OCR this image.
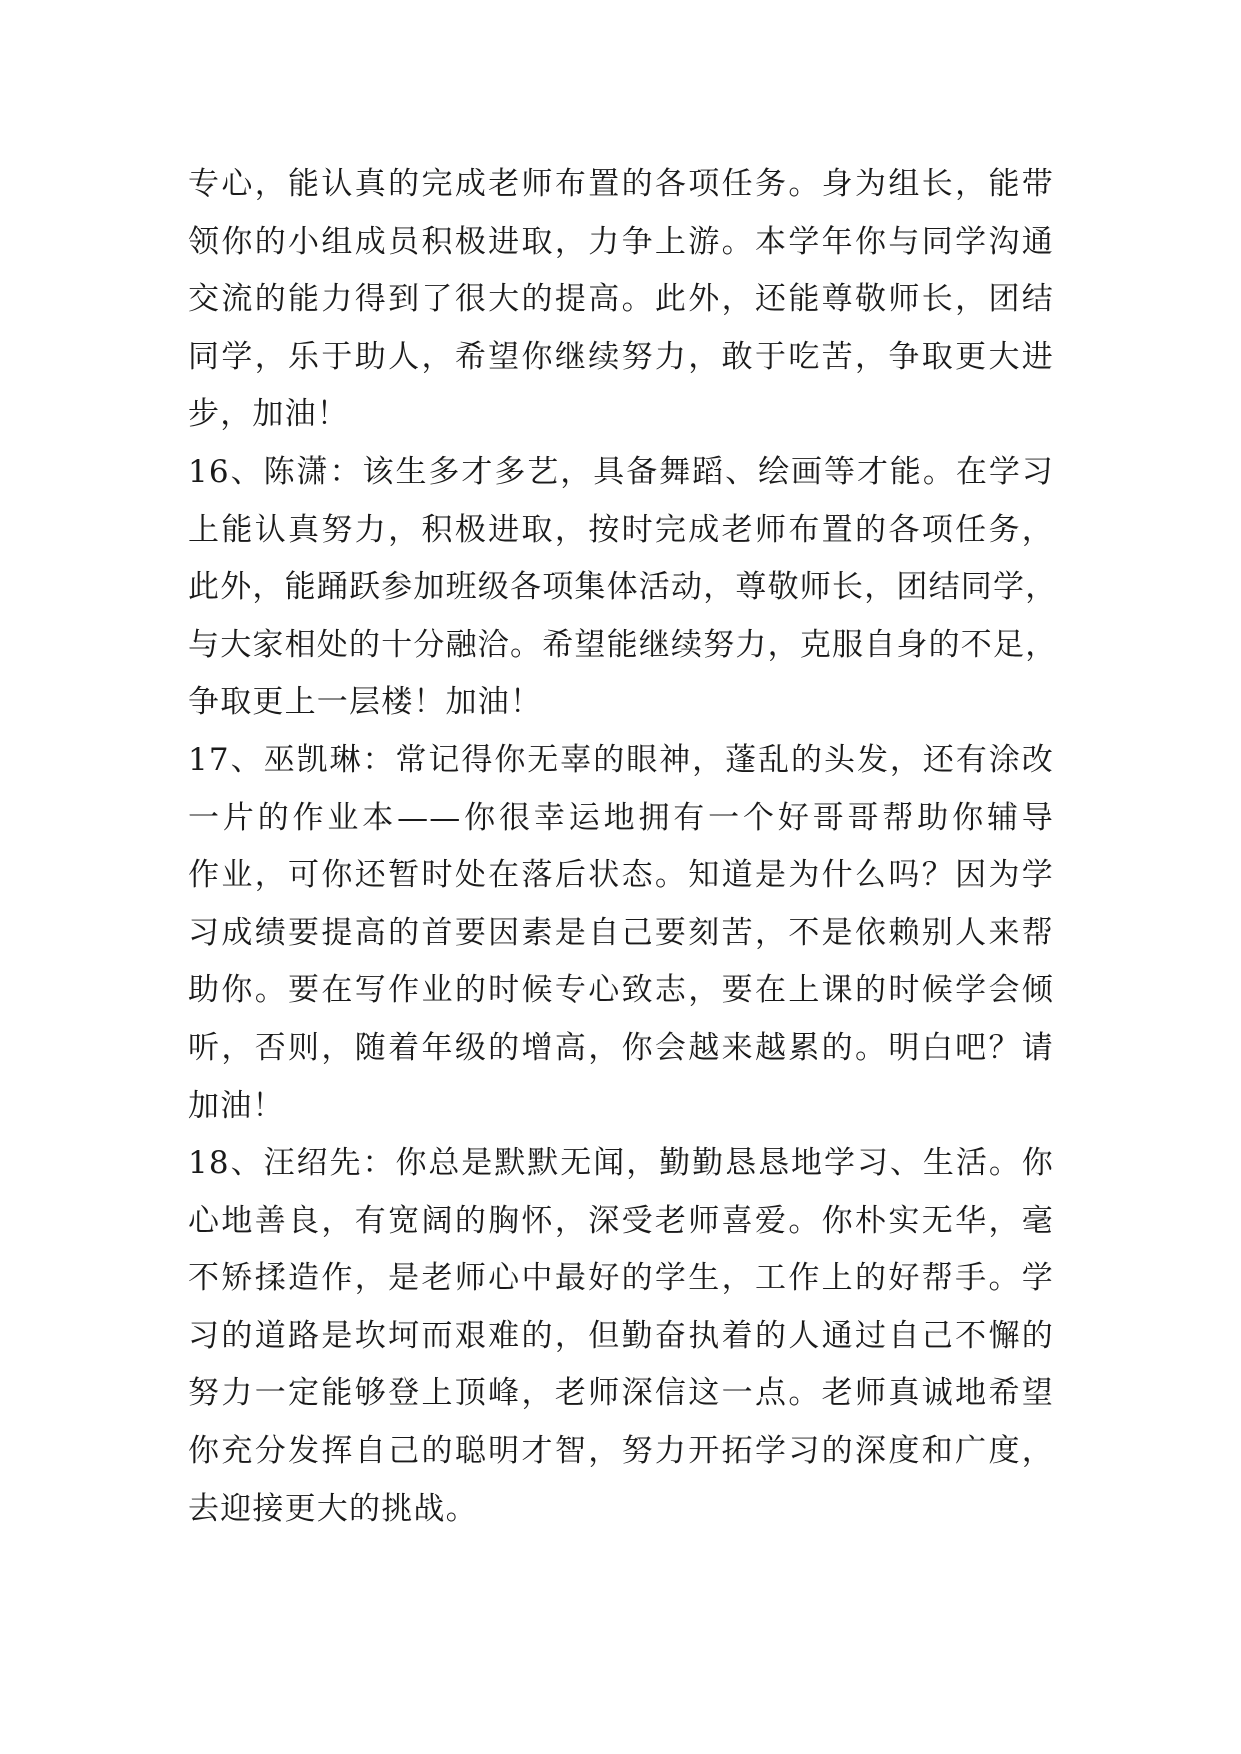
专心，能认真的完成老师布置的各项任务。身为组长，能带
领你的小组成员积极进取，力争上游。本学年你与同学沟通
交流的能力得到了很大的提高。此外，还能尊敬师长，团结
同学，乐于助人，希望你继续努力，敢于吃苦，争取更大进
步，加油！
16、陈潇：该生多才多艺，具备舞蹈、绘画等才能。在学习
上能认真努力，积极进取，按时完成老师布置的各项任务，
此外，能踊跃参加班级各项集体活动，尊敬师长，团结同学，
与大家相处的十分融洽。希望能继续努力，克服自身的不足，
争取更上一层楼！加油！
17、巫凯琳：常记得你无辜的眼神，蓬乱的头发，还有涂改
一片的作业本——你很幸运地拥有一个好哥哥帮助你辅导
作业，可你还暂时处在落后状态。知道是为什么吗？因为学
习成绩要提高的首要因素是自己要刻苦，不是依赖别人来帮
助你。要在写作业的时候专心致志，要在上课的时候学会倾
听，否则，随着年级的增高，你会越来越累的。明白吧？请
加油！
18、汪绍先：你总是默默无闻，勤勤恳恳地学习、生活。你
心地善良，有宽阔的胸怀，深受老师喜爱。你朴实无华，毫
不矫揉造作，是老师心中最好的学生，工作上的好帮手。学
习的道路是坎坷而艰难的，但勤奋执着的人通过自己不懈的
努力一定能够登上顶峰，老师深信这一点。老师真诚地希望
你充分发挥自己的聪明才智，努力开拓学习的深度和广度，
去迎接更大的挑战。
